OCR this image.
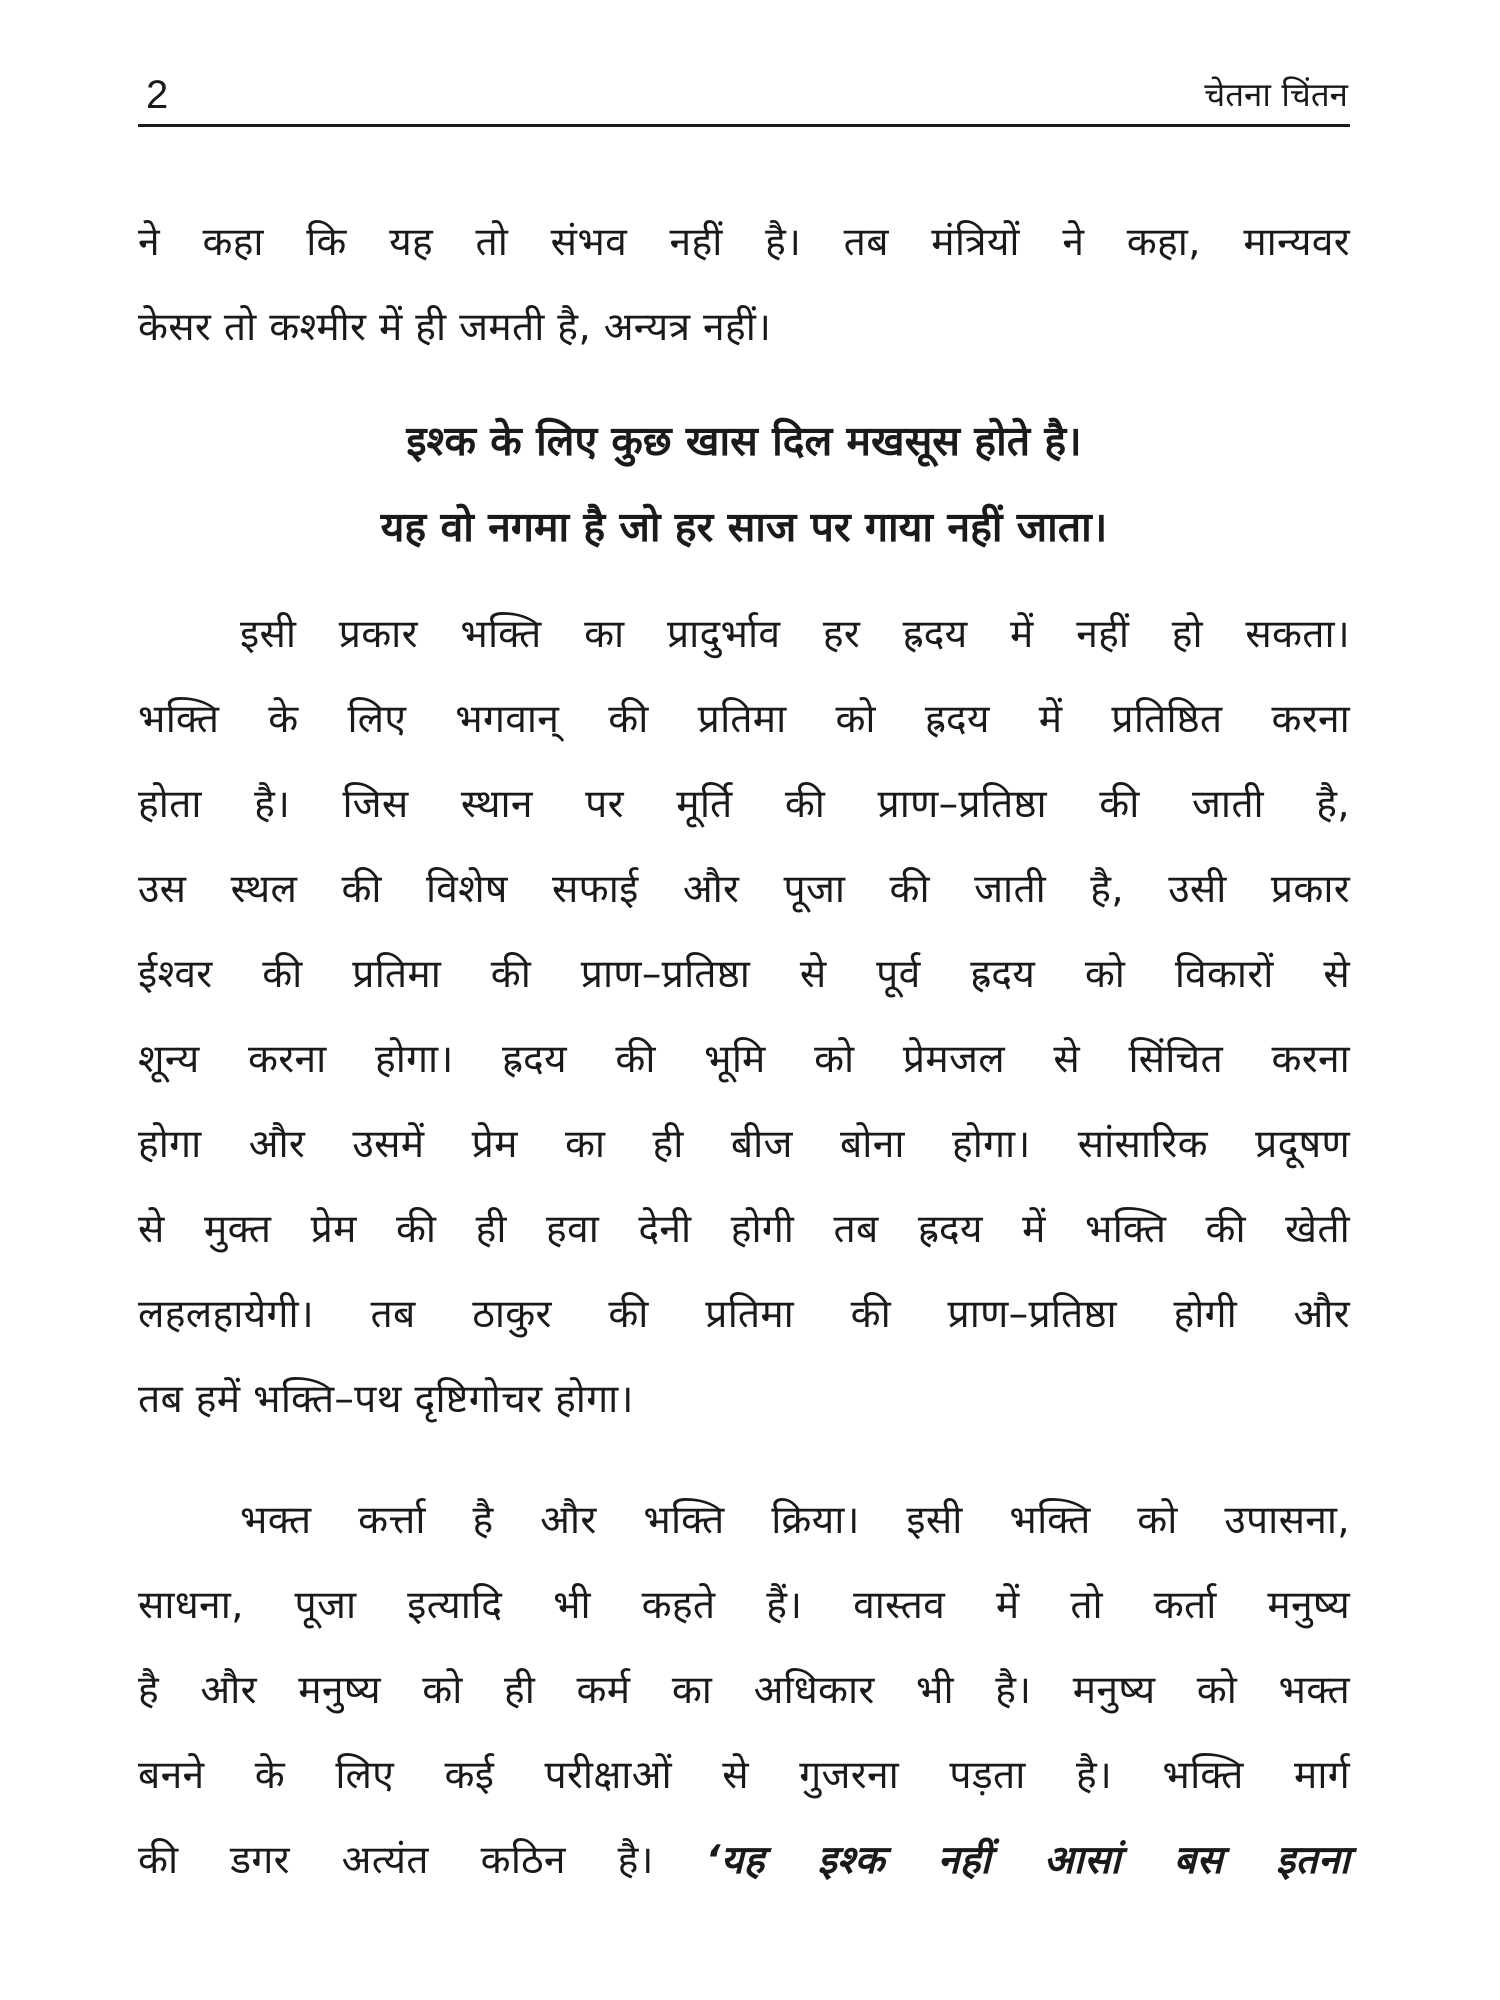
2	चेतना चिंतन
ने कहा कि यह तो संभव नहीं है। तब मंत्रियों ने कहा, मान्यवर
केसर तो कश्मीर में ही जमती है, अन्यत्र नहीं।
इश्क के लिए कुछ खास दिल मखसूस होते है।
यह वो नगमा है जो हर साज पर गाया नहीं जाता।
इसी प्रकार भक्ति का प्रादुर्भाव हर ह्रदय में नहीं हो सकता।
भक्ति के लिए भगवान् की प्रतिमा को ह्रदय में प्रतिष्ठित करना
होता है। जिस स्थान पर मूर्ति की प्राण–प्रतिष्ठा की जाती है,
उस स्थल की विशेष सफाई और पूजा की जाती है, उसी प्रकार
ईश्वर की प्रतिमा की प्राण–प्रतिष्ठा से पूर्व ह्रदय को विकारों से
शून्य करना होगा। ह्रदय की भूमि को प्रेमजल से सिंचित करना
होगा और उसमें प्रेम का ही बीज बोना होगा। सांसारिक प्रदूषण
से मुक्त प्रेम की ही हवा देनी होगी तब ह्रदय में भक्ति की खेती
लहलहायेगी। तब ठाकुर की प्रतिमा की प्राण–प्रतिष्ठा होगी और
तब हमें भक्ति–पथ दृष्टिगोचर होगा।
भक्त कर्त्ता है और भक्ति क्रिया। इसी भक्ति को उपासना,
साधना, पूजा इत्यादि भी कहते हैं। वास्तव में तो कर्ता मनुष्य
है और मनुष्य को ही कर्म का अधिकार भी है। मनुष्य को भक्त
बनने के लिए कई परीक्षाओं से गुजरना पड़ता है। भक्ति मार्ग
की डगर अत्यंत कठिन है। ‘यह इश्क नहीं आसां बस इतना
